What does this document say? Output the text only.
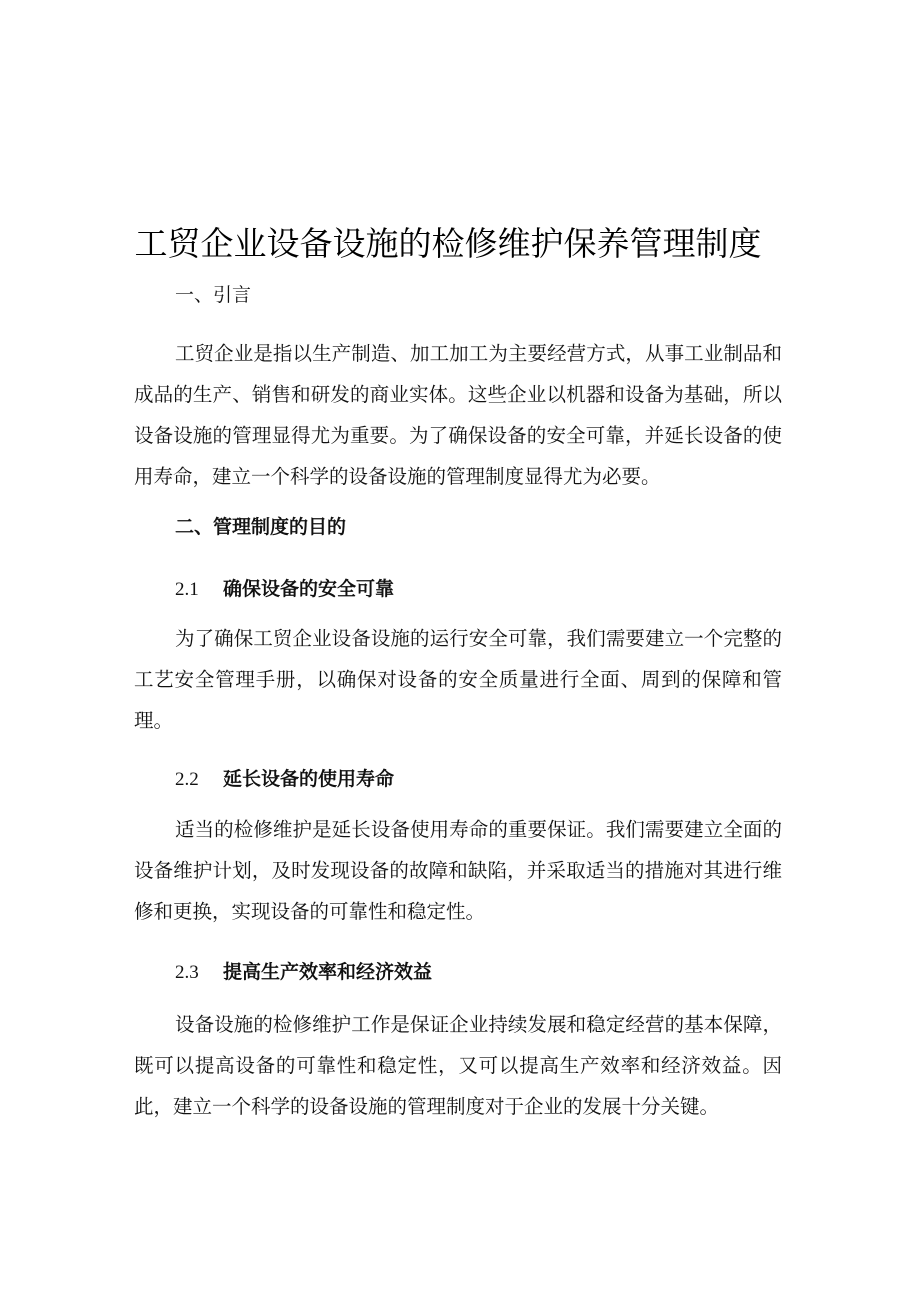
工贸企业设备设施的检修维护保养管理制度
一、引言
工贸企业是指以生产制造、加工加工为主要经营方式，从事工业制品和成品的生产、销售和研发的商业实体。这些企业以机器和设备为基础，所以设备设施的管理显得尤为重要。为了确保设备的安全可靠，并延长设备的使用寿命，建立一个科学的设备设施的管理制度显得尤为必要。
二、管理制度的目的
2.1 确保设备的安全可靠
为了确保工贸企业设备设施的运行安全可靠，我们需要建立一个完整的工艺安全管理手册，以确保对设备的安全质量进行全面、周到的保障和管理。
2.2 延长设备的使用寿命
适当的检修维护是延长设备使用寿命的重要保证。我们需要建立全面的设备维护计划，及时发现设备的故障和缺陷，并采取适当的措施对其进行维修和更换，实现设备的可靠性和稳定性。
2.3 提高生产效率和经济效益
设备设施的检修维护工作是保证企业持续发展和稳定经营的基本保障，既可以提高设备的可靠性和稳定性，又可以提高生产效率和经济效益。因此，建立一个科学的设备设施的管理制度对于企业的发展十分关键。
